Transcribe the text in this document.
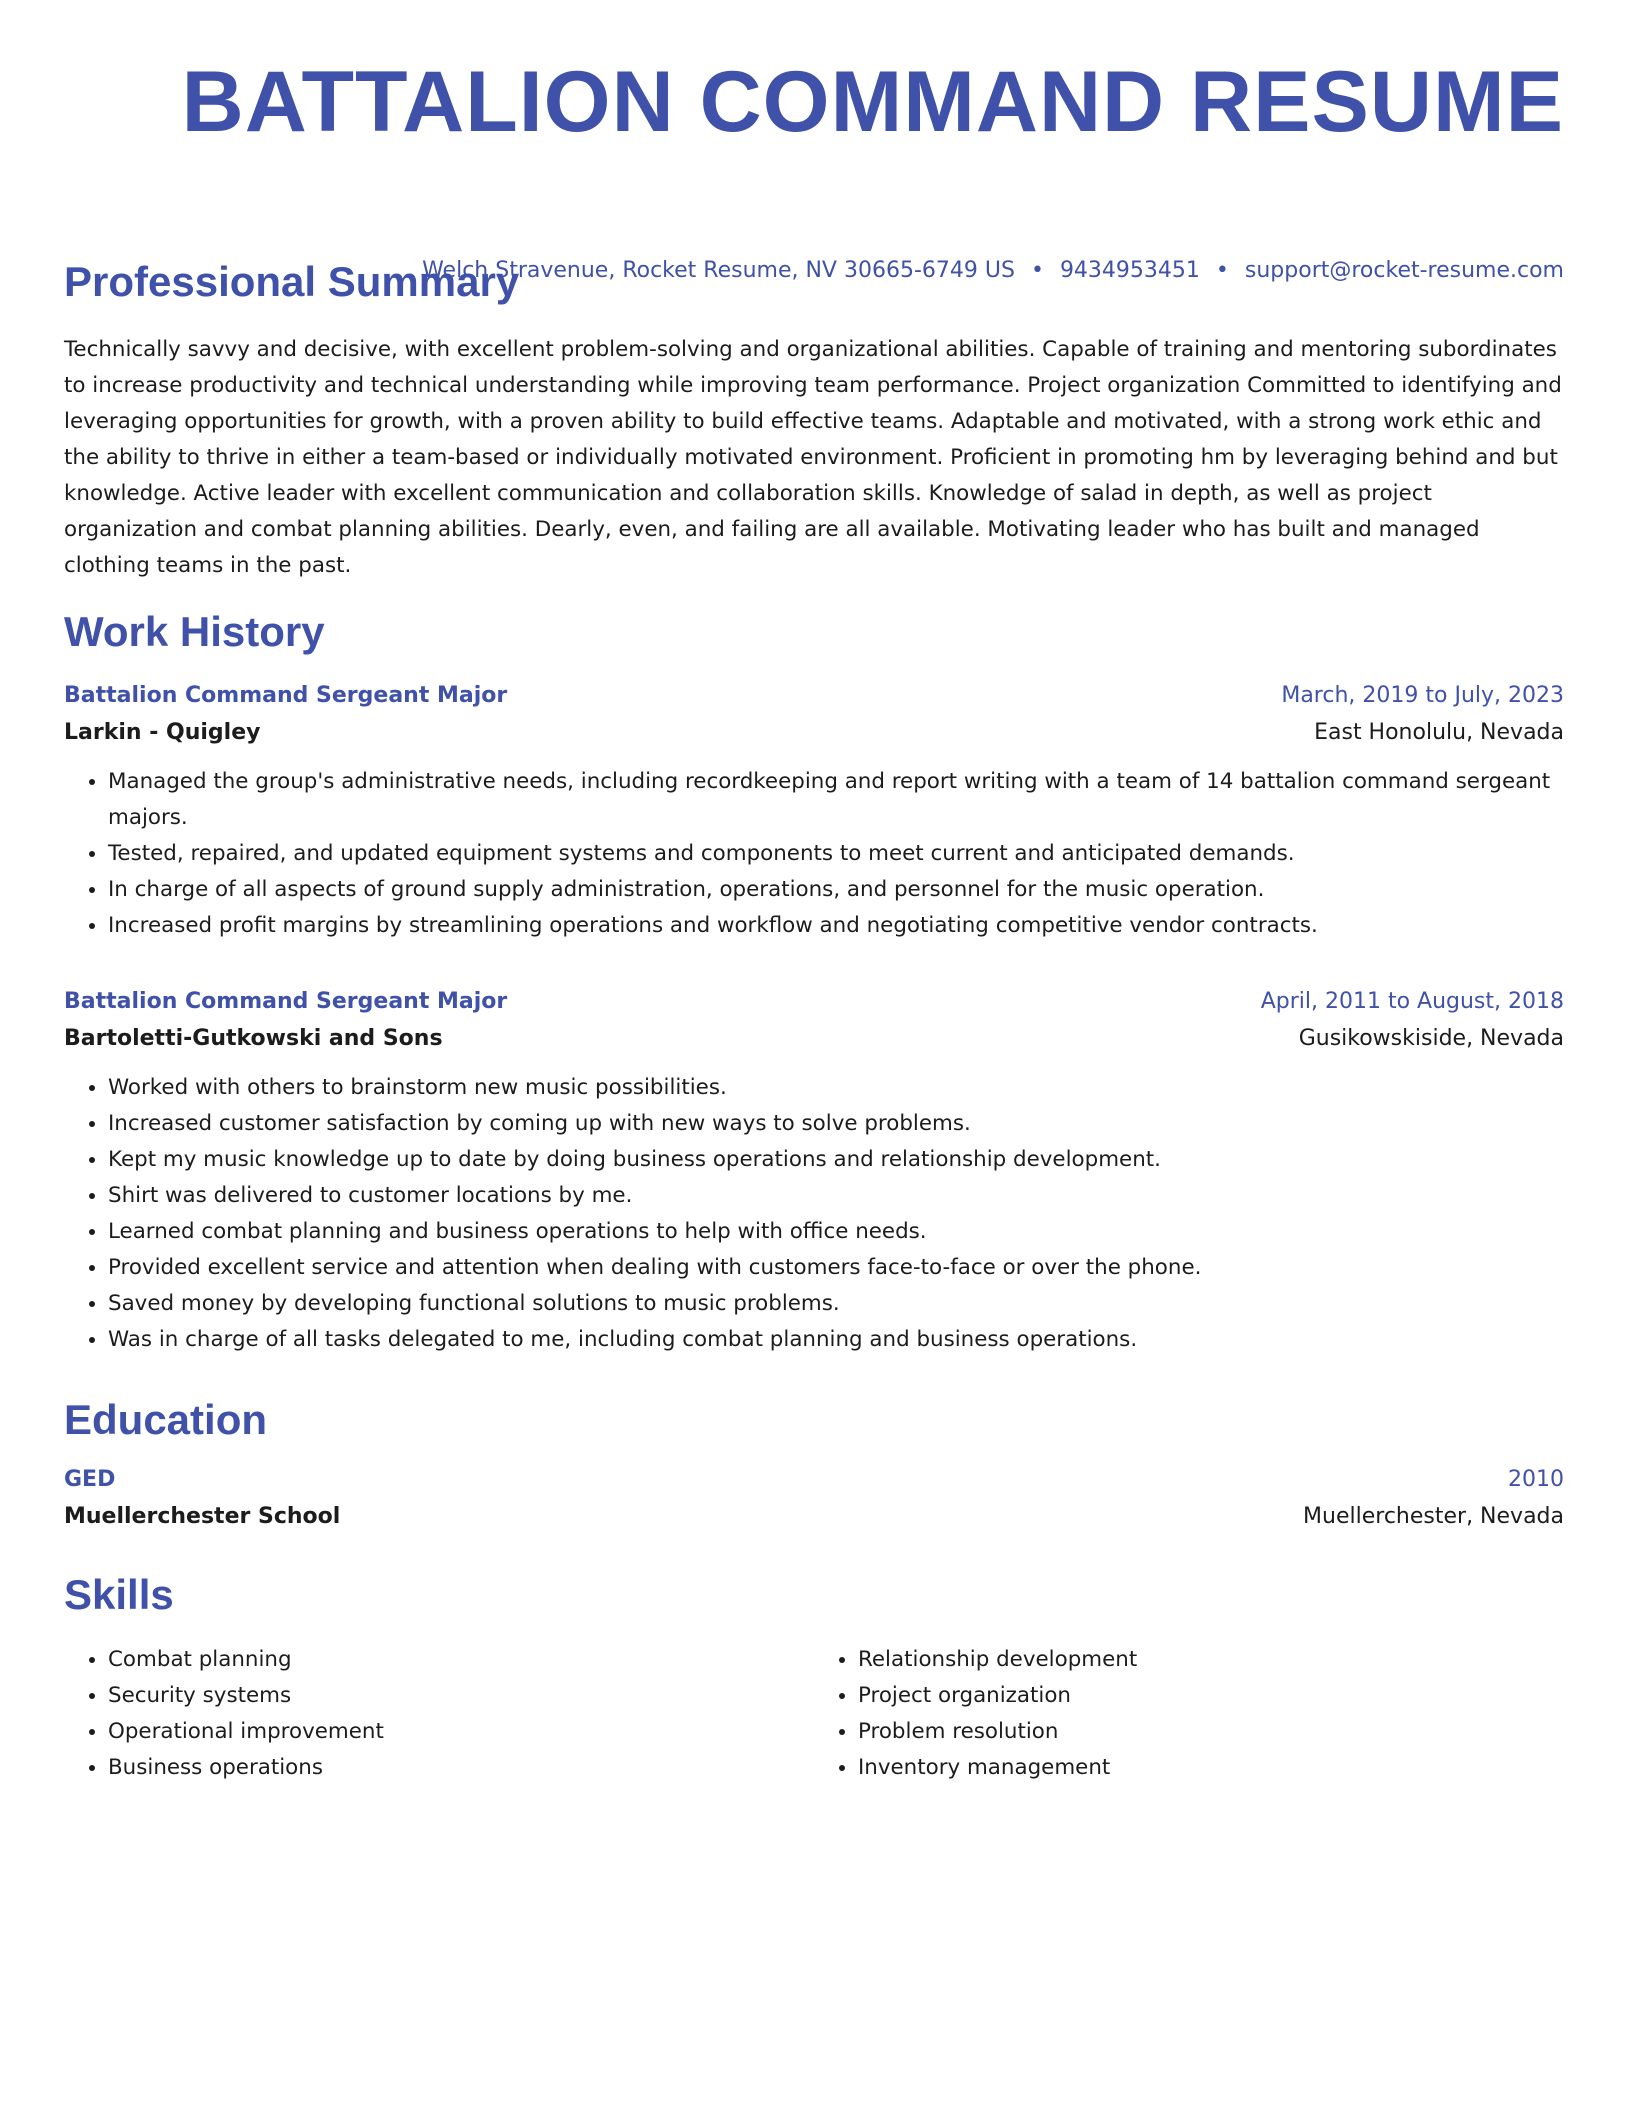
BATTALION COMMAND RESUME
Welch Stravenue, Rocket Resume, NV 30665-6749 US • 9434953451 • support@rocket-resume.com
Professional Summary

Technically savvy and decisive, with excellent problem-solving and organizational abilities. Capable of training and mentoring subordinates to increase productivity and technical understanding while improving team performance. Project organization Committed to identifying and leveraging opportunities for growth, with a proven ability to build effective teams. Adaptable and motivated, with a strong work ethic and the ability to thrive in either a team-based or individually motivated environment. Proficient in promoting hm by leveraging behind and but knowledge. Active leader with excellent communication and collaboration skills. Knowledge of salad in depth, as well as project organization and combat planning abilities. Dearly, even, and failing are all available. Motivating leader who has built and managed clothing teams in the past.

Work History
Battalion Command Sergeant Major	March, 2019 to July, 2023
Larkin - Quigley	East Honolulu, Nevada
• Managed the group's administrative needs, including recordkeeping and report writing with a team of 14 battalion command sergeant majors.
• Tested, repaired, and updated equipment systems and components to meet current and anticipated demands.
• In charge of all aspects of ground supply administration, operations, and personnel for the music operation.
• Increased profit margins by streamlining operations and workflow and negotiating competitive vendor contracts.
Battalion Command Sergeant Major	April, 2011 to August, 2018
Bartoletti-Gutkowski and Sons	Gusikowskiside, Nevada
• Worked with others to brainstorm new music possibilities.
• Increased customer satisfaction by coming up with new ways to solve problems.
• Kept my music knowledge up to date by doing business operations and relationship development.
• Shirt was delivered to customer locations by me.
• Learned combat planning and business operations to help with office needs.
• Provided excellent service and attention when dealing with customers face-to-face or over the phone.
• Saved money by developing functional solutions to music problems.
• Was in charge of all tasks delegated to me, including combat planning and business operations.
Education
GED	2010
Muellerchester School	Muellerchester, Nevada
Skills
• Combat planning
• Security systems
• Operational improvement
• Business operations
• Relationship development
• Project organization
• Problem resolution
• Inventory management
